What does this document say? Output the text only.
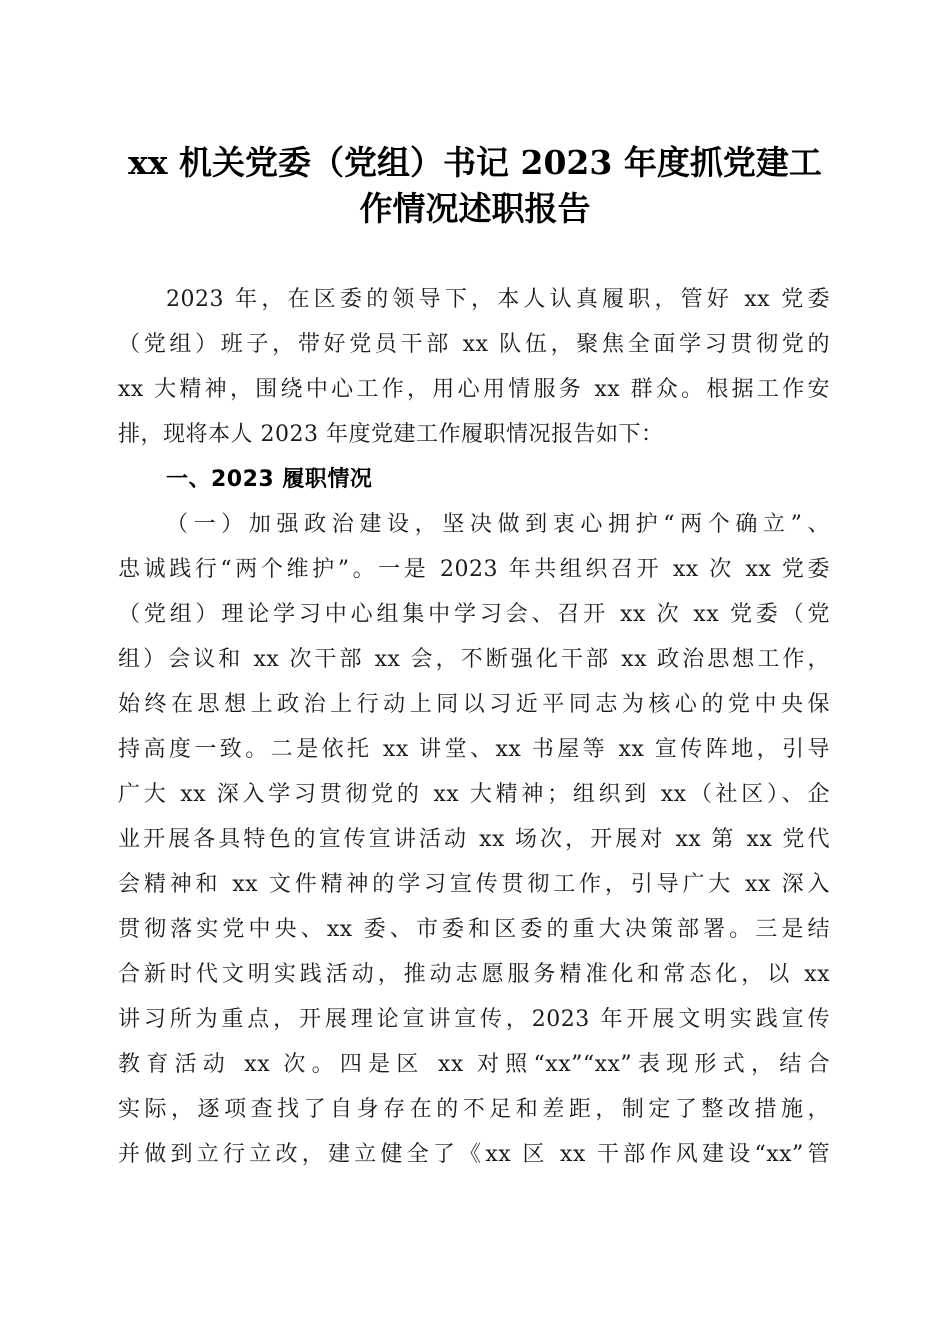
xx 机关党委（党组）书记 2023 年度抓党建工
作情况述职报告
2023 年，在区委的领导下，本人认真履职，管好 xx 党委
（党组）班子，带好党员干部 xx 队伍，聚焦全面学习贯彻党的
xx 大精神，围绕中心工作，用心用情服务 xx 群众。根据工作安
排，现将本人 2023 年度党建工作履职情况报告如下：
一、2023 履职情况
（一）加强政治建设，坚决做到衷心拥护“两个确立”、
忠诚践行“两个维护”。一是 2023 年共组织召开 xx 次 xx 党委
（党组）理论学习中心组集中学习会、召开 xx 次 xx 党委（党
组）会议和 xx 次干部 xx 会，不断强化干部 xx 政治思想工作，
始终在思想上政治上行动上同以习近平同志为核心的党中央保
持高度一致。二是依托 xx 讲堂、xx 书屋等 xx 宣传阵地，引导
广大 xx 深入学习贯彻党的 xx 大精神；组织到 xx（社区）、企
业开展各具特色的宣传宣讲活动 xx 场次，开展对 xx 第 xx 党代
会精神和 xx 文件精神的学习宣传贯彻工作，引导广大 xx 深入
贯彻落实党中央、xx 委、市委和区委的重大决策部署。三是结
合新时代文明实践活动，推动志愿服务精准化和常态化，以 xx
讲习所为重点，开展理论宣讲宣传，2023 年开展文明实践宣传
教育活动 xx 次。四是区 xx 对照“xx”“xx”表现形式，结合
实际，逐项查找了自身存在的不足和差距，制定了整改措施，
并做到立行立改，建立健全了《xx 区 xx 干部作风建设“xx”管
